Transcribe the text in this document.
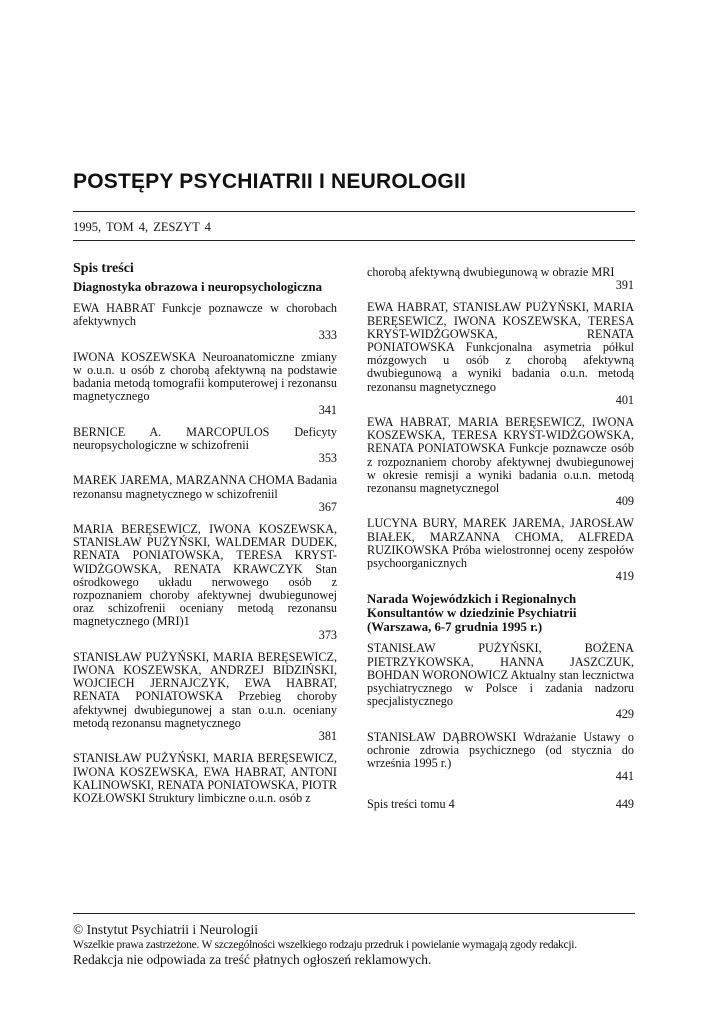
POSTĘPY PSYCHIATRII I NEUROLOGII
1995, TOM 4, ZESZYT 4
Spis treści
Diagnostyka obrazowa i neuropsychologiczna
EWA HABRAT Funkcje poznawcze w chorobach afektywnych
333
IWONA KOSZEWSKA Neuroanatomiczne zmiany w o.u.n. u osób z chorobą afektywną na podstawie badania metodą tomografii komputerowej i rezonansu magnetycznego
341
BERNICE A. MARCOPULOS Deficyty neuropsychologiczne w schizofrenii
353
MAREK JAREMA, MARZANNA CHOMA Badania rezonansu magnetycznego w schizofreniil
367
MARIA BERĘSEWICZ, IWONA KOSZEWSKA, STANISŁAW PUŻYŃSKI, WALDEMAR DUDEK, RENATA PONIATOWSKA, TERESA KRYST-WIDŻGOWSKA, RENATA KRAWCZYK Stan ośrodkowego układu nerwowego osób z rozpoznaniem choroby afektywnej dwubiegunowej oraz schizofrenii oceniany metodą rezonansu magnetycznego (MRI)1
373
STANISŁAW PUŻYŃSKI, MARIA BERĘSEWICZ, IWONA KOSZEWSKA, ANDRZEJ BIDZIŃSKI, WOJCIECH JERNAJCZYK, EWA HABRAT, RENATA PONIATOWSKA Przebieg choroby afektywnej dwubiegunowej a stan o.u.n. oceniany metodą rezonansu magnetycznego
381
STANISŁAW PUŻYŃSKI, MARIA BERĘSEWICZ, IWONA KOSZEWSKA, EWA HABRAT, ANTONI KALINOWSKI, RENATA PONIATOWSKA, PIOTR KOZŁOWSKI Struktury limbiczne o.u.n. osób z
chorobą afektywną dwubiegunową w obrazie MRI
391
EWA HABRAT, STANISŁAW PUŻYŃSKI, MARIA BERĘSEWICZ, IWONA KOSZEWSKA, TERESA KRYST-WIDŻGOWSKA, RENATA PONIATOWSKA Funkcjonalna asymetria półkul mózgowych u osób z chorobą afektywną dwubiegunową a wyniki badania o.u.n. metodą rezonansu magnetycznego
401
EWA HABRAT, MARIA BERĘSEWICZ, IWONA KOSZEWSKA, TERESA KRYST-WIDŻGOWSKA, RENATA PONIATOWSKA Funkcje poznawcze osób z rozpoznaniem choroby afektywnej dwubiegunowej w okresie remisji a wyniki badania o.u.n. metodą rezonansu magnetycznegol
409
LUCYNA BURY, MAREK JAREMA, JAROSŁAW BIAŁEK, MARZANNA CHOMA, ALFREDA RUZIKOWSKA Próba wielostronnej oceny zespołów psychoorganicznych
419
Narada Wojewódzkich i Regionalnych Konsultantów w dziedzinie Psychiatrii (Warszawa, 6-7 grudnia 1995 r.)
STANISŁAW PUŻYŃSKI, BOŻENA PIETRZYKOWSKA, HANNA JASZCZUK, BOHDAN WORONOWICZ Aktualny stan lecznictwa psychiatrycznego w Polsce i zadania nadzoru specjalistycznego
429
STANISŁAW DĄBROWSKI Wdrażanie Ustawy o ochronie zdrowia psychicznego (od stycznia do września 1995 r.)
441
Spis treści tomu 4	449
© Instytut Psychiatrii i Neurologii
Wszelkie prawa zastrzeżone. W szczególności wszelkiego rodzaju przedruk i powielanie wymagają zgody redakcji.
Redakcja nie odpowiada za treść płatnych ogłoszeń reklamowych.
